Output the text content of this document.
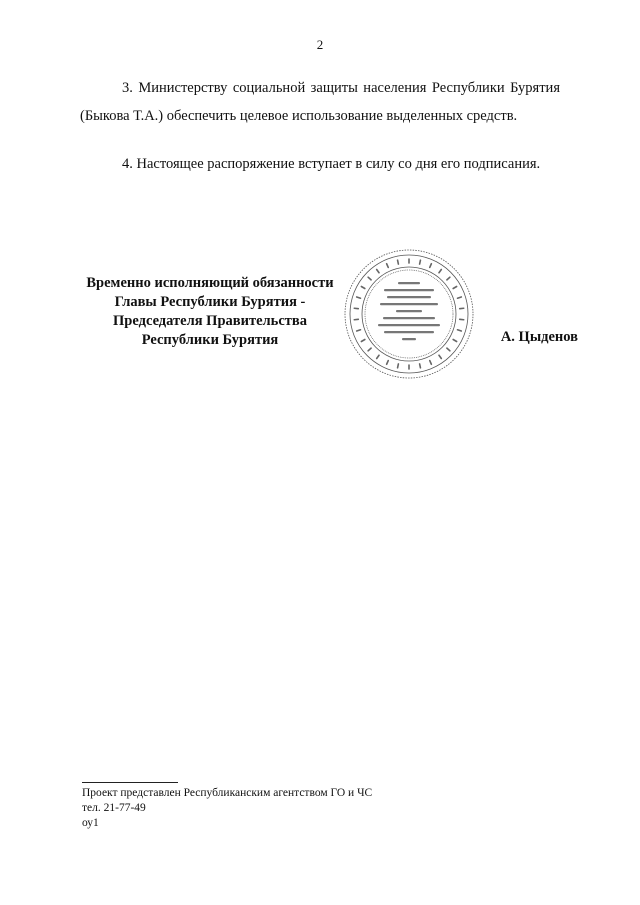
2

3. Министерству социальной защиты населения Республики Бурятия (Быкова Т.А.) обеспечить целевое использование выделенных средств.

4. Настоящее распоряжение вступает в силу со дня его подписания.

Временно исполняющий обязанности
Главы Республики Бурятия -
Председателя Правительства
Республики Бурятия	А. Цыденов
Проект представлен Республиканским агентством ГО и ЧС
тел. 21-77-49
оу1
